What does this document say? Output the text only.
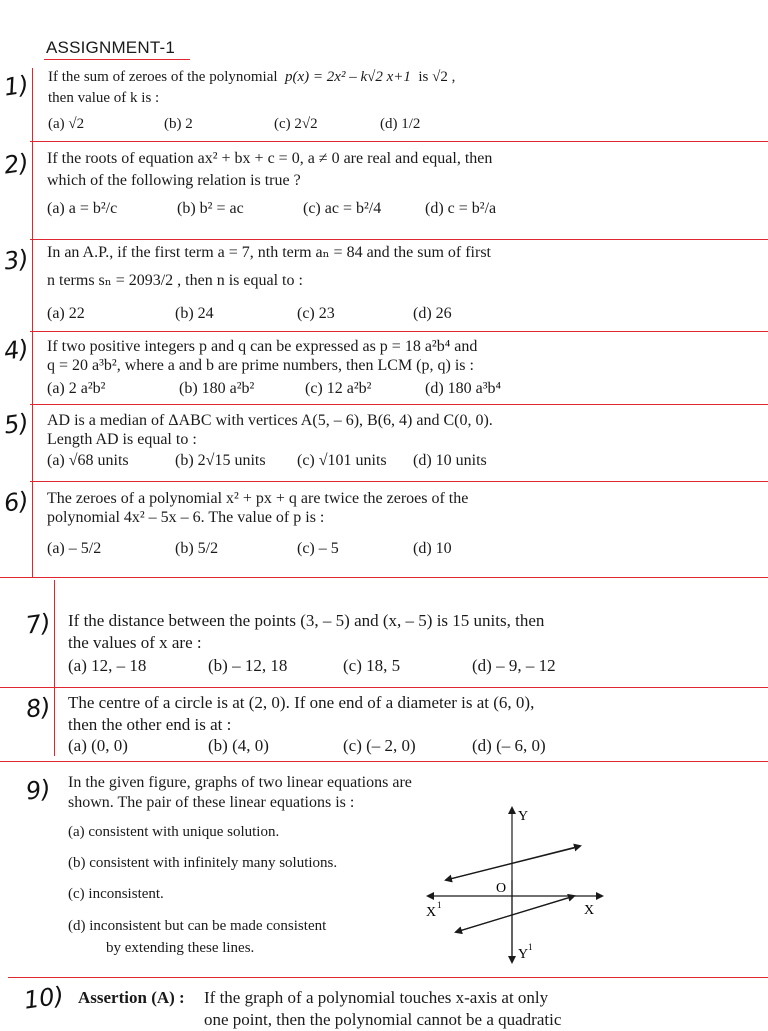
ASSIGNMENT-1
1)
2)
3)
4)
5)
6)
7)
8)
9)
10)
If the sum of zeroes of the polynomial p(x) = 2x² – k√2 x+1 is √2 ,
then value of k is :
(a) √2	(b) 2	(c) 2√2	(d) 1/2
If the roots of equation ax² + bx + c = 0, a ≠ 0 are real and equal, then
which of the following relation is true ?
(a) a = b²/c	(b) b² = ac	(c) ac = b²/4	(d) c = b²/a
In an A.P., if the first term a = 7, nth term aₙ = 84 and the sum of first
n terms sₙ = 2093/2 , then n is equal to :
(a) 22	(b) 24	(c) 23	(d) 26
If two positive integers p and q can be expressed as p = 18 a²b⁴ and
q = 20 a³b², where a and b are prime numbers, then LCM (p, q) is :
(a) 2 a²b²	(b) 180 a²b²	(c) 12 a²b²	(d) 180 a³b⁴
AD is a median of ΔABC with vertices A(5, – 6), B(6, 4) and C(0, 0).
Length AD is equal to :
(a) √68 units	(b) 2√15 units (c) √101 units (d) 10 units
The zeroes of a polynomial x² + px + q are twice the zeroes of the
polynomial 4x² – 5x – 6. The value of p is :
(a) – 5/2	(b) 5/2	(c) – 5	(d) 10
If the distance between the points (3, – 5) and (x, – 5) is 15 units, then
the values of x are :
(a) 12, – 18	(b) – 12, 18	(c) 18, 5	(d) – 9, – 12
The centre of a circle is at (2, 0). If one end of a diameter is at (6, 0),
then the other end is at :
(a) (0, 0)	(b) (4, 0)	(c) (– 2, 0)	(d) (– 6, 0)
In the given figure, graphs of two linear equations are
shown. The pair of these linear equations is :
(a) consistent with unique solution.
(b) consistent with infinitely many solutions.
(c) inconsistent.
(d) inconsistent but can be made consistent
by extending these lines.
Y
O
X
X 1
Y 1
Assertion (A) : If the graph of a polynomial touches x-axis at only
one point, then the polynomial cannot be a quadratic
